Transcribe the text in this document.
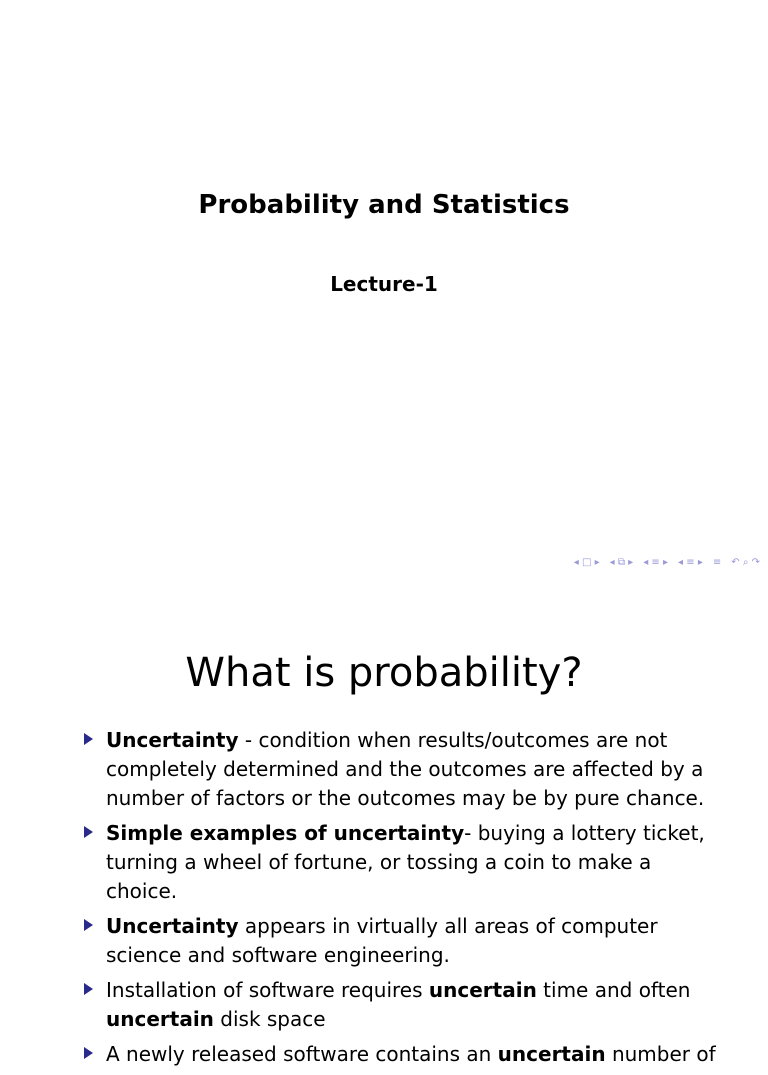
Probability and Statistics
Lecture-1
◂ □ ▸ ◂ ⧉ ▸ ◂ ≡ ▸ ◂ ≡ ▸ ≡ ↶ ⌕ ↷
What is probability?
Uncertainty - condition when results/outcomes are not completely determined and the outcomes are affected by a number of factors or the outcomes may be by pure chance.
Simple examples of uncertainty- buying a lottery ticket, turning a wheel of fortune, or tossing a coin to make a choice.
Uncertainty appears in virtually all areas of computer science and software engineering.
Installation of software requires uncertain time and often uncertain disk space
A newly released software contains an uncertain number of
